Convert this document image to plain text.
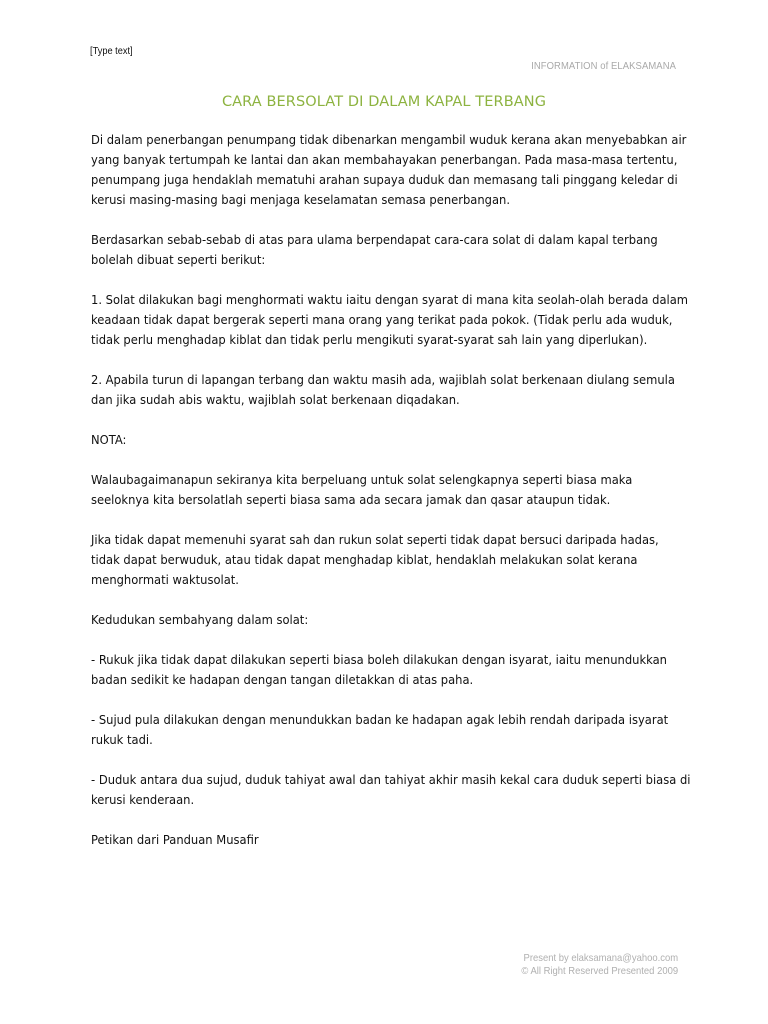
[Type text]
INFORMATION of ELAKSAMANA
CARA BERSOLAT DI DALAM KAPAL TERBANG

Di dalam penerbangan penumpang tidak dibenarkan mengambil wuduk kerana akan menyebabkan air yang banyak tertumpah ke lantai dan akan membahayakan penerbangan. Pada masa-masa tertentu, penumpang juga hendaklah mematuhi arahan supaya duduk dan memasang tali pinggang keledar di kerusi masing-masing bagi menjaga keselamatan semasa penerbangan.

Berdasarkan sebab-sebab di atas para ulama berpendapat cara-cara solat di dalam kapal terbang bolelah dibuat seperti berikut:

1. Solat dilakukan bagi menghormati waktu iaitu dengan syarat di mana kita seolah-olah berada dalam keadaan tidak dapat bergerak seperti mana orang yang terikat pada pokok. (Tidak perlu ada wuduk, tidak perlu menghadap kiblat dan tidak perlu mengikuti syarat-syarat sah lain yang diperlukan).

2. Apabila turun di lapangan terbang dan waktu masih ada, wajiblah solat berkenaan diulang semula dan jika sudah abis waktu, wajiblah solat berkenaan diqadakan.

NOTA:

Walaubagaimanapun sekiranya kita berpeluang untuk solat selengkapnya seperti biasa maka seeloknya kita bersolatlah seperti biasa sama ada secara jamak dan qasar ataupun tidak.

Jika tidak dapat memenuhi syarat sah dan rukun solat seperti tidak dapat bersuci daripada hadas, tidak dapat berwuduk, atau tidak dapat menghadap kiblat, hendaklah melakukan solat kerana menghormati waktusolat.

Kedudukan sembahyang dalam solat:

- Rukuk jika tidak dapat dilakukan seperti biasa boleh dilakukan dengan isyarat, iaitu menundukkan badan sedikit ke hadapan dengan tangan diletakkan di atas paha.

- Sujud pula dilakukan dengan menundukkan badan ke hadapan agak lebih rendah daripada isyarat rukuk tadi.

- Duduk antara dua sujud, duduk tahiyat awal dan tahiyat akhir masih kekal cara duduk seperti biasa di kerusi kenderaan.

Petikan dari Panduan Musafir

Present by elaksamana@yahoo.com
© All Right Reserved Presented 2009
